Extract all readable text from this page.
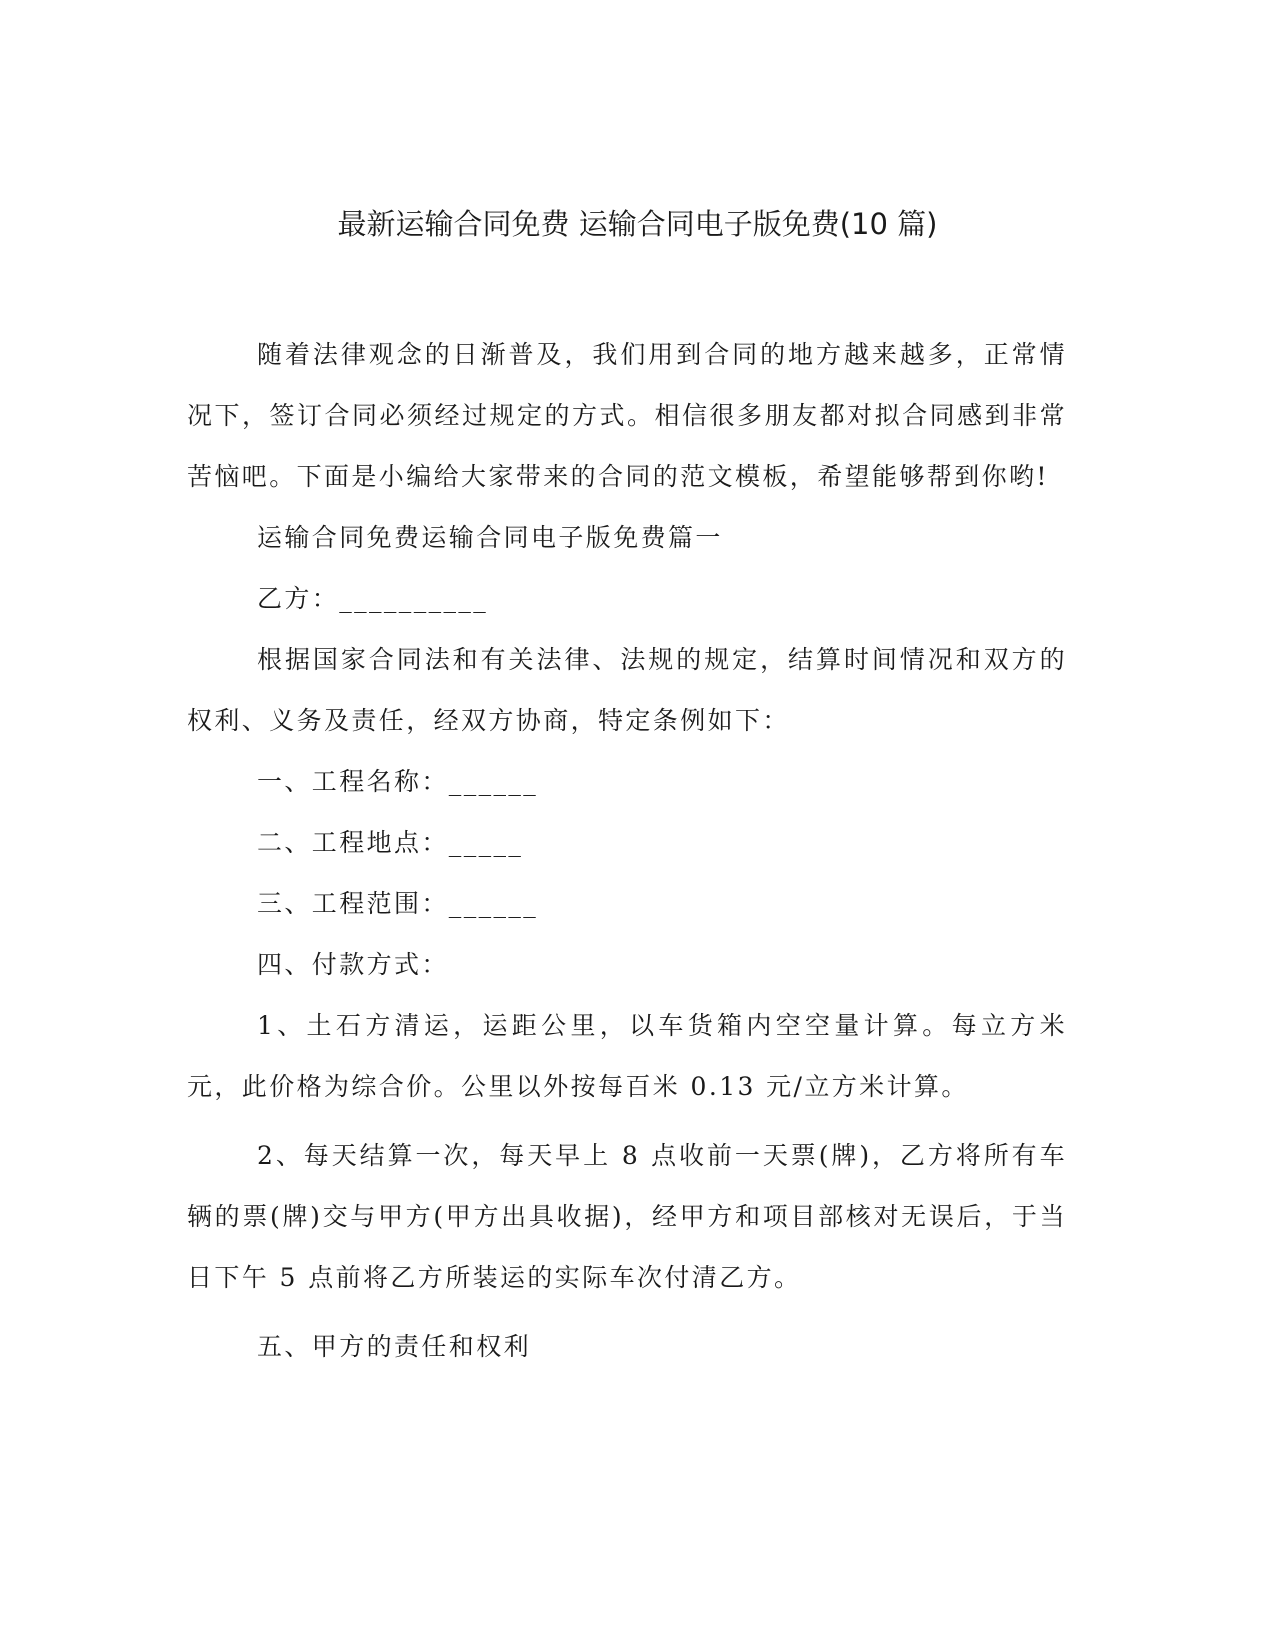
最新运输合同免费 运输合同电子版免费(10 篇)

随着法律观念的日渐普及，我们用到合同的地方越来越多，正常情况下，签订合同必须经过规定的方式。相信很多朋友都对拟合同感到非常苦恼吧。下面是小编给大家带来的合同的范文模板，希望能够帮到你哟!

运输合同免费运输合同电子版免费篇一

乙方：__________

根据国家合同法和有关法律、法规的规定，结算时间情况和双方的权利、义务及责任，经双方协商，特定条例如下：

一、工程名称：______

二、工程地点：_____

三、工程范围：______

四、付款方式：

1、土石方清运，运距公里，以车货箱内空空量计算。每立方米元，此价格为综合价。公里以外按每百米 0.13 元/立方米计算。

2、每天结算一次，每天早上 8 点收前一天票(牌)，乙方将所有车辆的票(牌)交与甲方(甲方出具收据)，经甲方和项目部核对无误后，于当日下午 5 点前将乙方所装运的实际车次付清乙方。

五、甲方的责任和权利
